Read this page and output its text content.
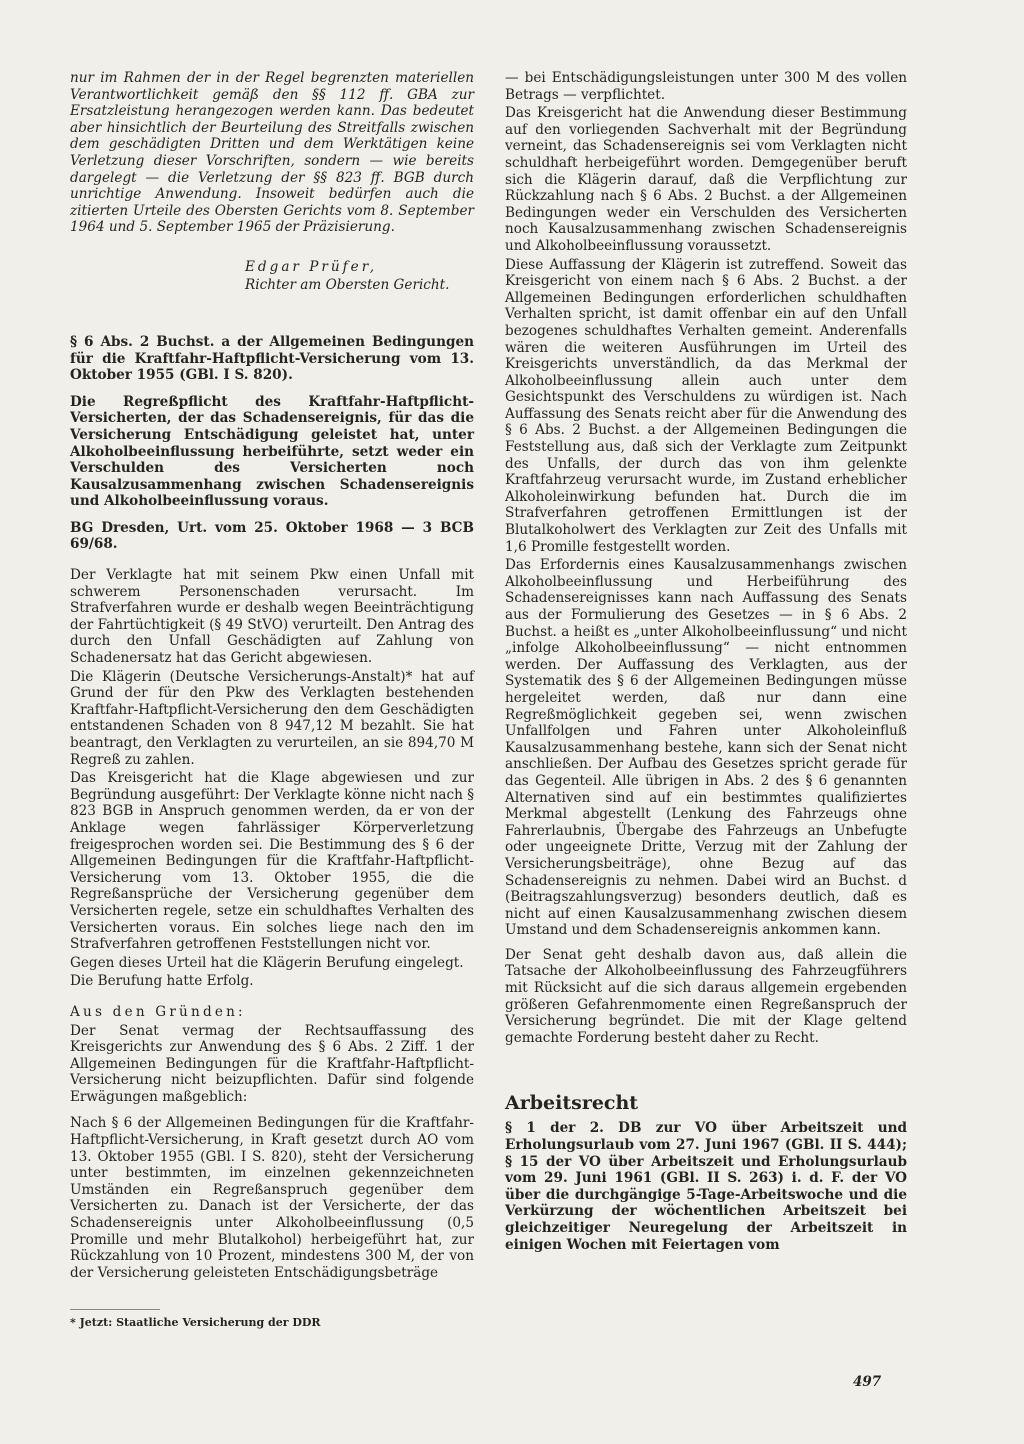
nur im Rahmen der in der Regel begrenzten materiellen Verantwortlichkeit gemäß den §§ 112 ff. GBA zur Ersatzleistung herangezogen werden kann. Das bedeutet aber hinsichtlich der Beurteilung des Streitfalls zwischen dem geschädigten Dritten und dem Werktätigen keine Verletzung dieser Vorschriften, sondern — wie bereits dargelegt — die Verletzung der §§ 823 ff. BGB durch unrichtige Anwendung. Insoweit bedürfen auch die zitierten Urteile des Obersten Gerichts vom 8. September 1964 und 5. September 1965 der Präzisierung.

Edgar Prüfer,
Richter am Obersten Gericht.

§ 6 Abs. 2 Buchst. a der Allgemeinen Bedingungen für die Kraftfahr-Haftpflicht-Versicherung vom 13. Oktober 1955 (GBl. I S. 820).

Die Regreßpflicht des Kraftfahr-Haftpflicht-Versicherten, der das Schadensereignis, für das die Versicherung Entschädigung geleistet hat, unter Alkoholbeeinflussung herbeiführte, setzt weder ein Verschulden des Versicherten noch Kausalzusammenhang zwischen Schadensereignis und Alkoholbeeinflussung voraus.

BG Dresden, Urt. vom 25. Oktober 1968 — 3 BCB 69/68.

Der Verklagte hat mit seinem Pkw einen Unfall mit schwerem Personenschaden verursacht. Im Strafverfahren wurde er deshalb wegen Beeinträchtigung der Fahrtüchtigkeit (§ 49 StVO) verurteilt. Den Antrag des durch den Unfall Geschädigten auf Zahlung von Schadenersatz hat das Gericht abgewiesen.

Die Klägerin (Deutsche Versicherungs-Anstalt)* hat auf Grund der für den Pkw des Verklagten bestehenden Kraftfahr-Haftpflicht-Versicherung den dem Geschädigten entstandenen Schaden von 8 947,12 M bezahlt. Sie hat beantragt, den Verklagten zu verurteilen, an sie 894,70 M Regreß zu zahlen.

Das Kreisgericht hat die Klage abgewiesen und zur Begründung ausgeführt: Der Verklagte könne nicht nach § 823 BGB in Anspruch genommen werden, da er von der Anklage wegen fahrlässiger Körperverletzung freigesprochen worden sei. Die Bestimmung des § 6 der Allgemeinen Bedingungen für die Kraftfahr-Haftpflicht-Versicherung vom 13. Oktober 1955, die die Regreßansprüche der Versicherung gegenüber dem Versicherten regele, setze ein schuldhaftes Verhalten des Versicherten voraus. Ein solches liege nach den im Strafverfahren getroffenen Feststellungen nicht vor.

Gegen dieses Urteil hat die Klägerin Berufung eingelegt.

Die Berufung hatte Erfolg.

Aus den Gründen:

Der Senat vermag der Rechtsauffassung des Kreisgerichts zur Anwendung des § 6 Abs. 2 Ziff. 1 der Allgemeinen Bedingungen für die Kraftfahr-Haftpflicht-Versicherung nicht beizupflichten. Dafür sind folgende Erwägungen maßgeblich:

Nach § 6 der Allgemeinen Bedingungen für die Kraftfahr-Haftpflicht-Versicherung, in Kraft gesetzt durch AO vom 13. Oktober 1955 (GBl. I S. 820), steht der Versicherung unter bestimmten, im einzelnen gekennzeichneten Umständen ein Regreßanspruch gegenüber dem Versicherten zu. Danach ist der Versicherte, der das Schadensereignis unter Alkoholbeeinflussung (0,5 Promille und mehr Blutalkohol) herbeigeführt hat, zur Rückzahlung von 10 Prozent, mindestens 300 M, der von der Versicherung geleisteten Entschädigungsbeträge

* Jetzt: Staatliche Versicherung der DDR

— bei Entschädigungsleistungen unter 300 M des vollen Betrags — verpflichtet.

Das Kreisgericht hat die Anwendung dieser Bestimmung auf den vorliegenden Sachverhalt mit der Begründung verneint, das Schadensereignis sei vom Verklagten nicht schuldhaft herbeigeführt worden. Demgegenüber beruft sich die Klägerin darauf, daß die Verpflichtung zur Rückzahlung nach § 6 Abs. 2 Buchst. a der Allgemeinen Bedingungen weder ein Verschulden des Versicherten noch Kausalzusammenhang zwischen Schadensereignis und Alkoholbeeinflussung voraussetzt.

Diese Auffassung der Klägerin ist zutreffend. Soweit das Kreisgericht von einem nach § 6 Abs. 2 Buchst. a der Allgemeinen Bedingungen erforderlichen schuldhaften Verhalten spricht, ist damit offenbar ein auf den Unfall bezogenes schuldhaftes Verhalten gemeint. Anderenfalls wären die weiteren Ausführungen im Urteil des Kreisgerichts unverständlich, da das Merkmal der Alkoholbeeinflussung allein auch unter dem Gesichtspunkt des Verschuldens zu würdigen ist. Nach Auffassung des Senats reicht aber für die Anwendung des § 6 Abs. 2 Buchst. a der Allgemeinen Bedingungen die Feststellung aus, daß sich der Verklagte zum Zeitpunkt des Unfalls, der durch das von ihm gelenkte Kraftfahrzeug verursacht wurde, im Zustand erheblicher Alkoholeinwirkung befunden hat. Durch die im Strafverfahren getroffenen Ermittlungen ist der Blutalkoholwert des Verklagten zur Zeit des Unfalls mit 1,6 Promille festgestellt worden.

Das Erfordernis eines Kausalzusammenhangs zwischen Alkoholbeeinflussung und Herbeiführung des Schadensereignisses kann nach Auffassung des Senats aus der Formulierung des Gesetzes — in § 6 Abs. 2 Buchst. a heißt es „unter Alkoholbeeinflussung“ und nicht „infolge Alkoholbeeinflussung“ — nicht entnommen werden. Der Auffassung des Verklagten, aus der Systematik des § 6 der Allgemeinen Bedingungen müsse hergeleitet werden, daß nur dann eine Regreßmöglichkeit gegeben sei, wenn zwischen Unfallfolgen und Fahren unter Alkoholeinfluß Kausalzusammenhang bestehe, kann sich der Senat nicht anschließen. Der Aufbau des Gesetzes spricht gerade für das Gegenteil. Alle übrigen in Abs. 2 des § 6 genannten Alternativen sind auf ein bestimmtes qualifiziertes Merkmal abgestellt (Lenkung des Fahrzeugs ohne Fahrerlaubnis, Übergabe des Fahrzeugs an Unbefugte oder ungeeignete Dritte, Verzug mit der Zahlung der Versicherungsbeiträge), ohne Bezug auf das Schadensereignis zu nehmen. Dabei wird an Buchst. d (Beitragszahlungsverzug) besonders deutlich, daß es nicht auf einen Kausalzusammenhang zwischen diesem Umstand und dem Schadensereignis ankommen kann.

Der Senat geht deshalb davon aus, daß allein die Tatsache der Alkoholbeeinflussung des Fahrzeugführers mit Rücksicht auf die sich daraus allgemein ergebenden größeren Gefahrenmomente einen Regreßanspruch der Versicherung begründet. Die mit der Klage geltend gemachte Forderung besteht daher zu Recht.

Arbeitsrecht

§ 1 der 2. DB zur VO über Arbeitszeit und Erholungsurlaub vom 27. Juni 1967 (GBl. II S. 444); § 15 der VO über Arbeitszeit und Erholungsurlaub vom 29. Juni 1961 (GBl. II S. 263) i. d. F. der VO über die durchgängige 5-Tage-Arbeitswoche und die Verkürzung der wöchentlichen Arbeitszeit bei gleichzeitiger Neuregelung der Arbeitszeit in einigen Wochen mit Feiertagen vom

497
